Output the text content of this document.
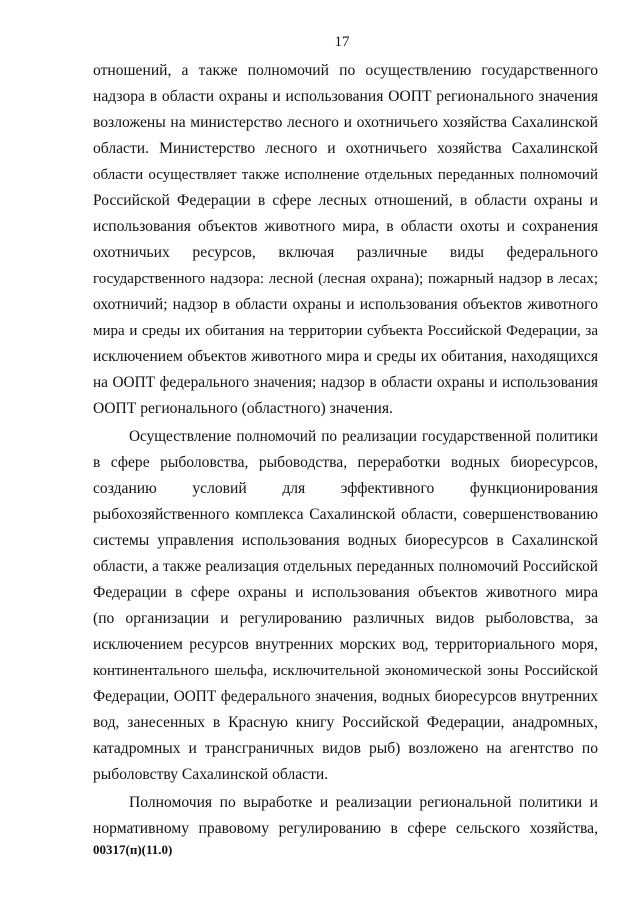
17
отношений, а также полномочий по осуществлению государственного
надзора в области охраны и использования ООПТ регионального значения
возложены на министерство лесного и охотничьего хозяйства Сахалинской
области. Министерство лесного и охотничьего хозяйства Сахалинской
области осуществляет также исполнение отдельных переданных полномочий
Российской Федерации в сфере лесных отношений, в области охраны и
использования объектов животного мира, в области охоты и сохранения
охотничьих ресурсов, включая различные виды федерального
государственного надзора: лесной (лесная охрана); пожарный надзор в лесах;
охотничий; надзор в области охраны и использования объектов животного
мира и среды их обитания на территории субъекта Российской Федерации, за
исключением объектов животного мира и среды их обитания, находящихся
на ООПТ федерального значения; надзор в области охраны и использования
ООПТ регионального (областного) значения.
Осуществление полномочий по реализации государственной политики
в сфере рыболовства, рыбоводства, переработки водных биоресурсов,
созданию условий для эффективного функционирования
рыбохозяйственного комплекса Сахалинской области, совершенствованию
системы управления использования водных биоресурсов в Сахалинской
области, а также реализация отдельных переданных полномочий Российской
Федерации в сфере охраны и использования объектов животного мира
(по организации и регулированию различных видов рыболовства, за
исключением ресурсов внутренних морских вод, территориального моря,
континентального шельфа, исключительной экономической зоны Российской
Федерации, ООПТ федерального значения, водных биоресурсов внутренних
вод, занесенных в Красную книгу Российской Федерации, анадромных,
катадромных и трансграничных видов рыб) возложено на агентство по
рыболовству Сахалинской области.
Полномочия по выработке и реализации региональной политики и
нормативному правовому регулированию в сфере сельского хозяйства,
00317(п)(11.0)
